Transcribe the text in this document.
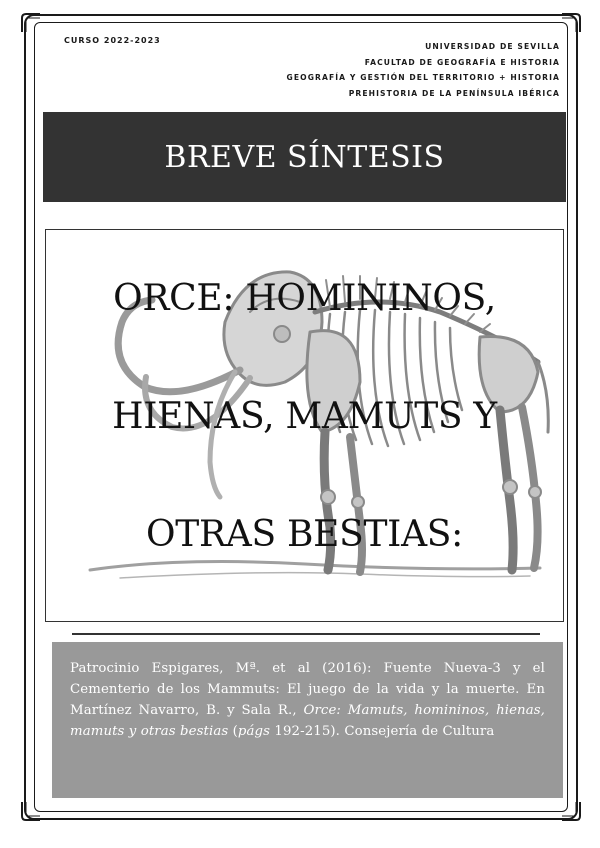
CURSO 2022-2023
UNIVERSIDAD DE SEVILLA
FACULTAD DE GEOGRAFÍA E HISTORIA
GEOGRAFÍA Y GESTIÓN DEL TERRITORIO + HISTORIA
PREHISTORIA DE LA PENÍNSULA IBÉRICA
BREVE SÍNTESIS
ORCE: HOMININOS,
HIENAS, MAMUTS Y
OTRAS BESTIAS:

Patrocinio Espigares, Mª. et al (2016): Fuente Nueva-3 y el Cementerio de los Mammuts: El juego de la vida y la muerte. En Martínez Navarro, B. y Sala R., Orce: Mamuts, homininos, hienas, mamuts y otras bestias (págs 192-215). Consejería de Cultura
